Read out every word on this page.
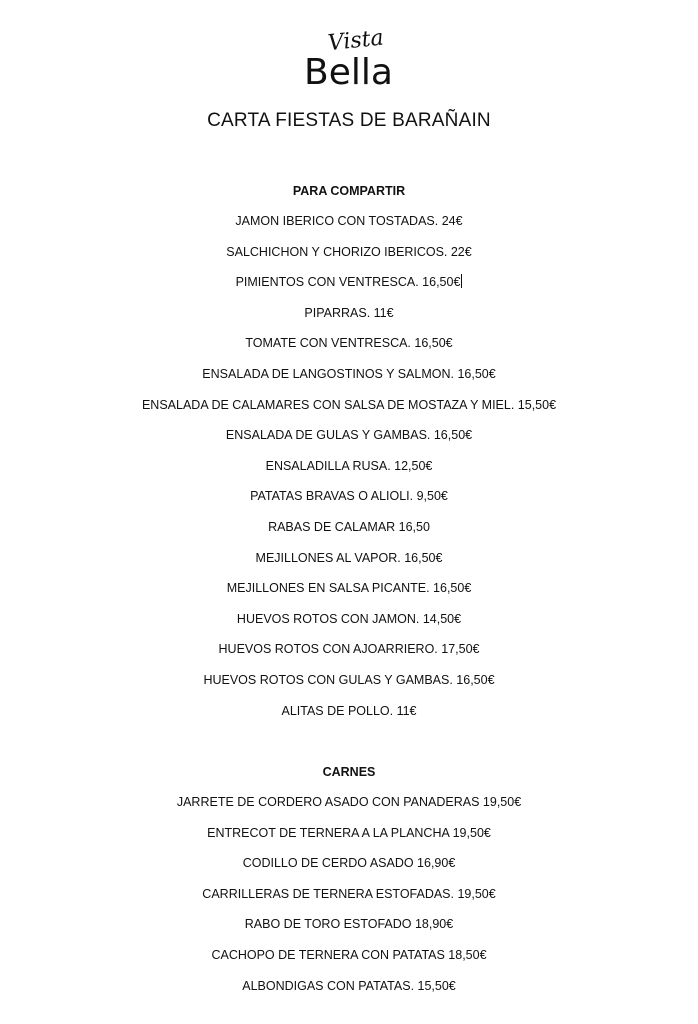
Vista
Bella
CARTA FIESTAS DE BARAÑAIN
PARA COMPARTIR
JAMON IBERICO CON TOSTADAS. 24€
SALCHICHON Y CHORIZO IBERICOS. 22€
PIMIENTOS CON VENTRESCA. 16,50€
PIPARRAS. 11€
TOMATE CON VENTRESCA. 16,50€
ENSALADA DE LANGOSTINOS Y SALMON. 16,50€
ENSALADA DE CALAMARES CON SALSA DE MOSTAZA Y MIEL. 15,50€
ENSALADA DE GULAS Y GAMBAS. 16,50€
ENSALADILLA RUSA. 12,50€
PATATAS BRAVAS O ALIOLI. 9,50€
RABAS DE CALAMAR 16,50
MEJILLONES AL VAPOR. 16,50€
MEJILLONES EN SALSA PICANTE. 16,50€
HUEVOS ROTOS CON JAMON. 14,50€
HUEVOS ROTOS CON AJOARRIERO. 17,50€
HUEVOS ROTOS CON GULAS Y GAMBAS. 16,50€
ALITAS DE POLLO. 11€
CARNES
JARRETE DE CORDERO ASADO CON PANADERAS 19,50€
ENTRECOT DE TERNERA A LA PLANCHA 19,50€
CODILLO DE CERDO ASADO 16,90€
CARRILLERAS DE TERNERA ESTOFADAS. 19,50€
RABO DE TORO ESTOFADO 18,90€
CACHOPO DE TERNERA CON PATATAS 18,50€
ALBONDIGAS CON PATATAS. 15,50€
